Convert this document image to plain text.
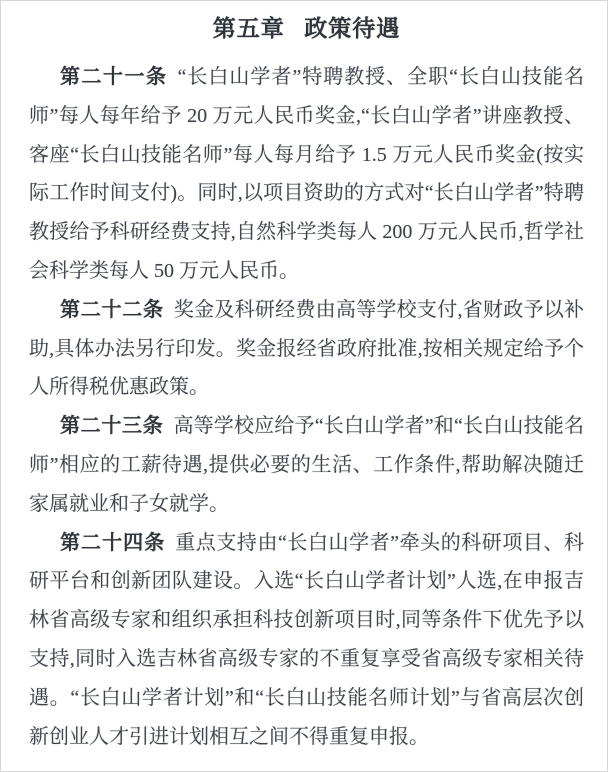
第五章 政策待遇

第二十一条 “长白山学者”特聘教授、全职“长白山技能名师”每人每年给予 20 万元人民币奖金,“长白山学者”讲座教授、客座“长白山技能名师”每人每月给予 1.5 万元人民币奖金(按实际工作时间支付)。同时,以项目资助的方式对“长白山学者”特聘教授给予科研经费支持,自然科学类每人 200 万元人民币,哲学社会科学类每人 50 万元人民币。

第二十二条 奖金及科研经费由高等学校支付,省财政予以补助,具体办法另行印发。奖金报经省政府批准,按相关规定给予个人所得税优惠政策。

第二十三条 高等学校应给予“长白山学者”和“长白山技能名师”相应的工薪待遇,提供必要的生活、工作条件,帮助解决随迁家属就业和子女就学。

第二十四条 重点支持由“长白山学者”牵头的科研项目、科研平台和创新团队建设。入选“长白山学者计划”人选,在申报吉林省高级专家和组织承担科技创新项目时,同等条件下优先予以支持,同时入选吉林省高级专家的不重复享受省高级专家相关待遇。“长白山学者计划”和“长白山技能名师计划”与省高层次创新创业人才引进计划相互之间不得重复申报。
